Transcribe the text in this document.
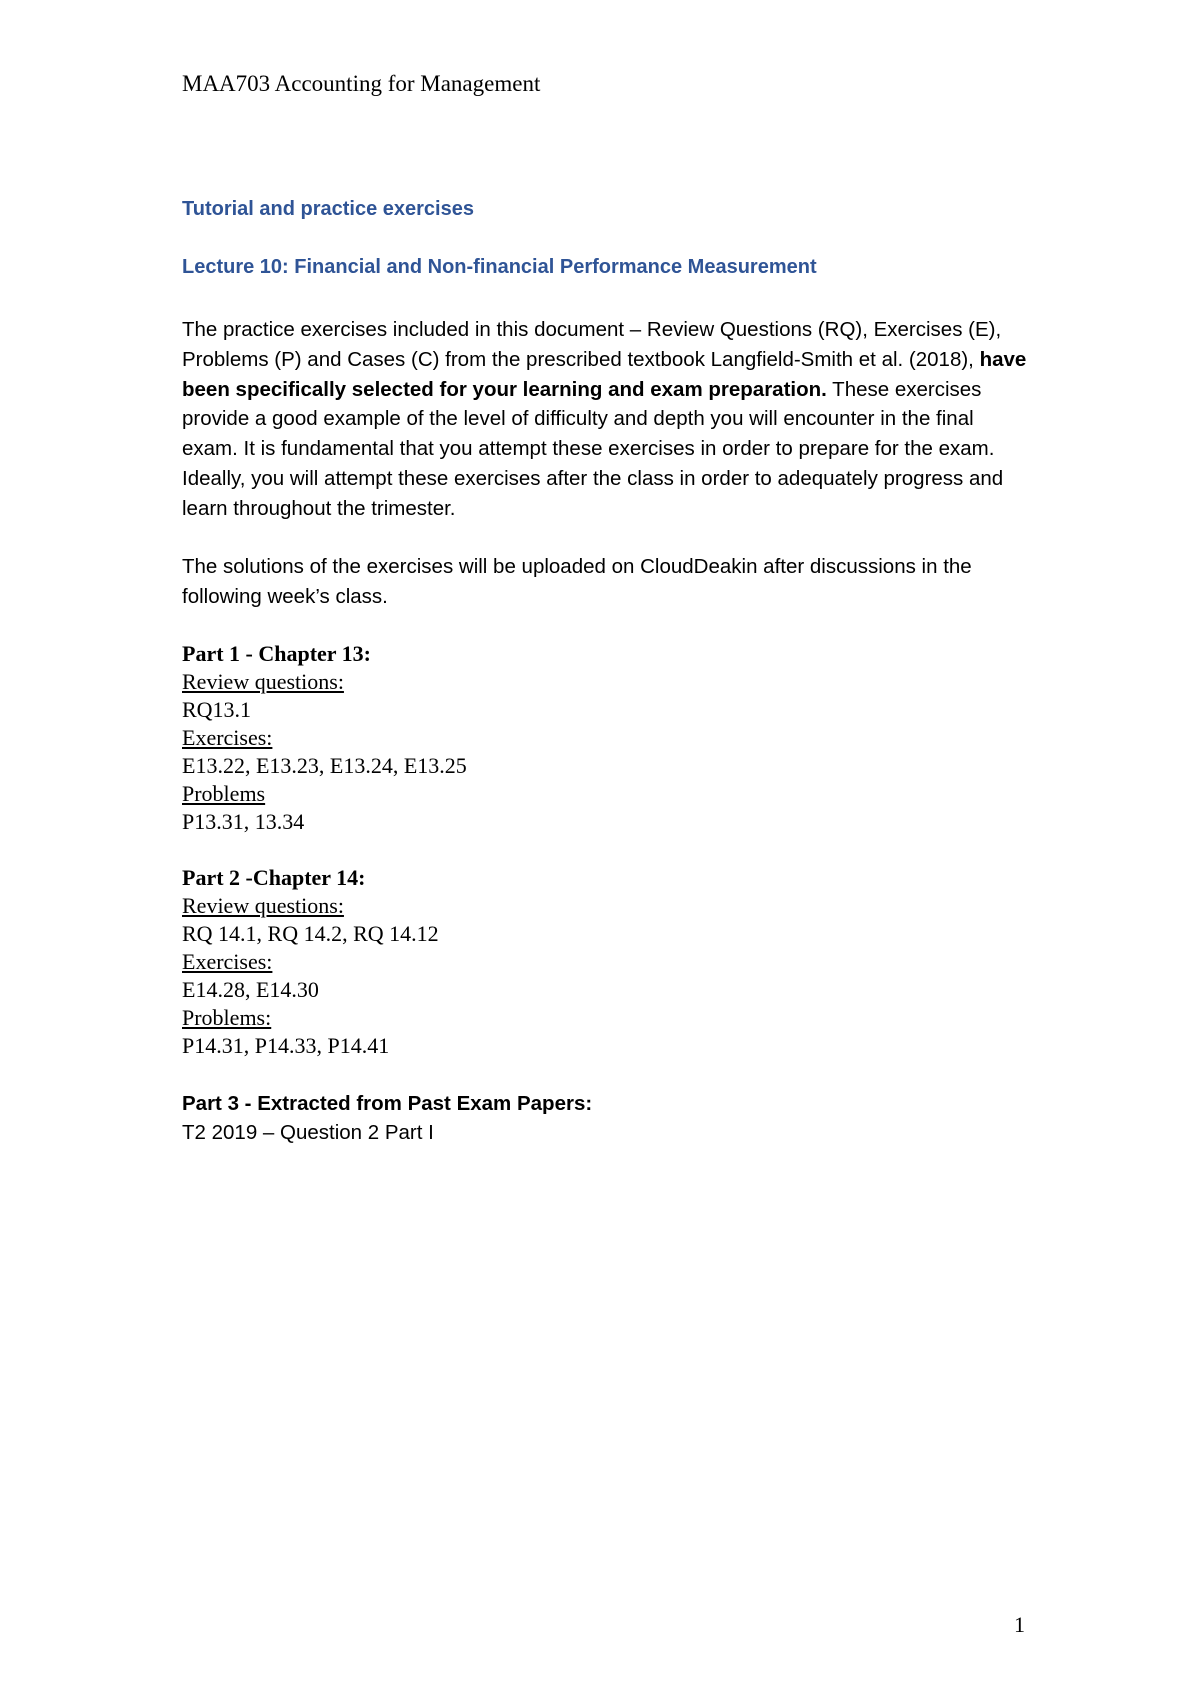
MAA703 Accounting for Management
Tutorial and practice exercises
Lecture 10: Financial and Non-financial Performance Measurement

The practice exercises included in this document – Review Questions (RQ), Exercises (E), Problems (P) and Cases (C) from the prescribed textbook Langfield-Smith et al. (2018), have been specifically selected for your learning and exam preparation. These exercises provide a good example of the level of difficulty and depth you will encounter in the final exam. It is fundamental that you attempt these exercises in order to prepare for the exam. Ideally, you will attempt these exercises after the class in order to adequately progress and learn throughout the trimester.

The solutions of the exercises will be uploaded on CloudDeakin after discussions in the following week’s class.

Part 1 - Chapter 13:
Review questions:
RQ13.1
Exercises:
E13.22, E13.23, E13.24, E13.25
Problems
P13.31, 13.34
Part 2 -Chapter 14:
Review questions:
RQ 14.1, RQ 14.2, RQ 14.12
Exercises:
E14.28, E14.30
Problems:
P14.31, P14.33, P14.41
Part 3 - Extracted from Past Exam Papers:
T2 2019 – Question 2 Part I
1
